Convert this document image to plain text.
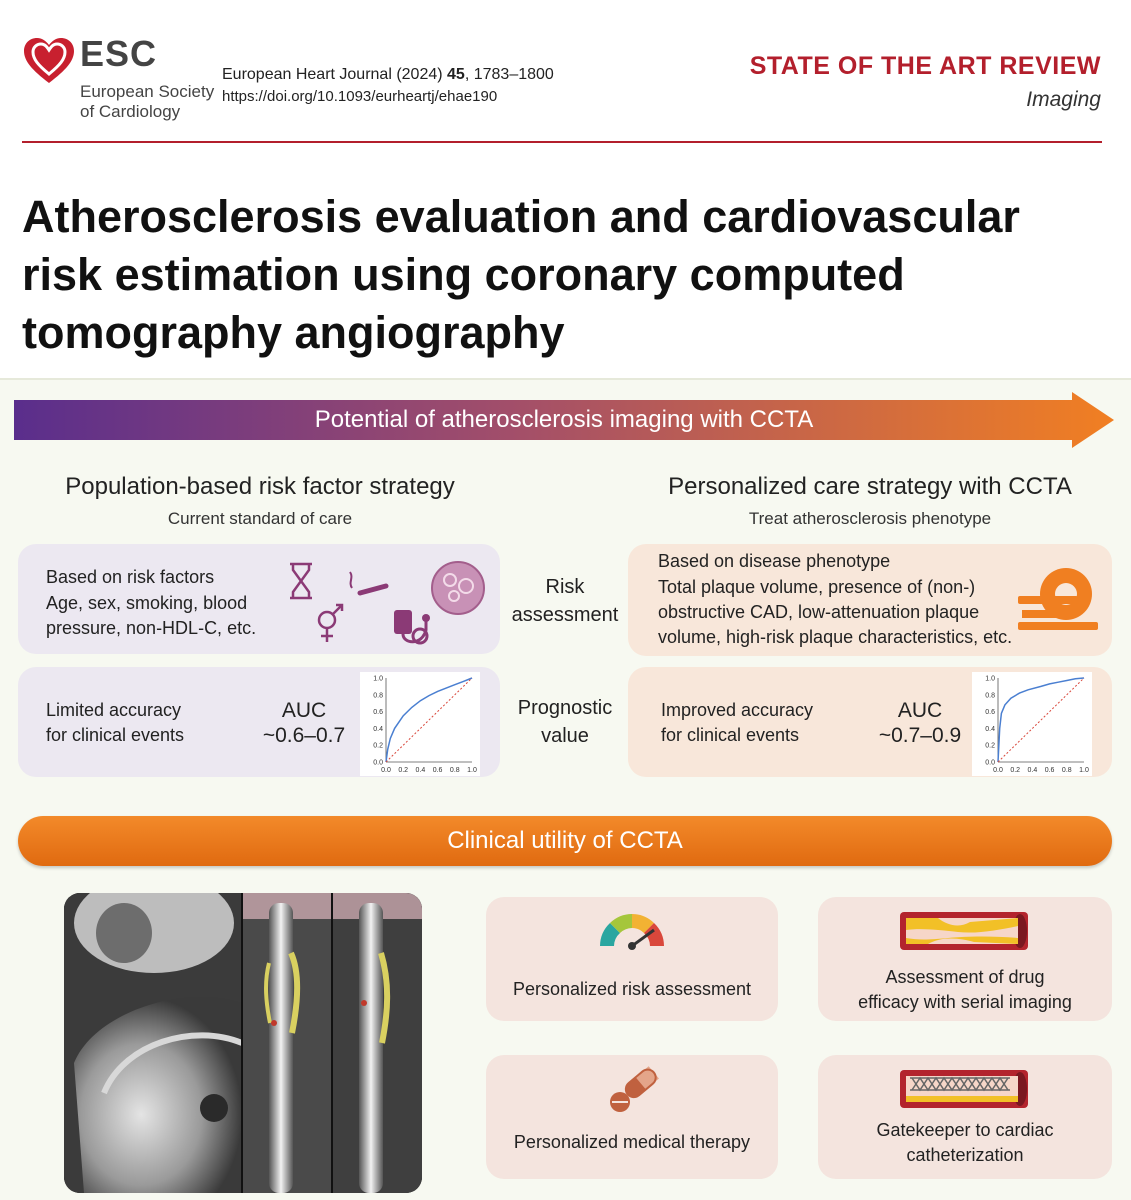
ESC
European Society
of Cardiology
European Heart Journal (2024) 45, 1783–1800
https://doi.org/10.1093/eurheartj/ehae190
STATE OF THE ART REVIEW
Imaging
Atherosclerosis evaluation and cardiovascular
risk estimation using coronary computed
tomography angiography
Potential of atherosclerosis imaging with CCTA
Population-based risk factor strategy
Current standard of care
Personalized care strategy with CCTA
Treat atherosclerosis phenotype
Based on risk factors
Age, sex, smoking, blood
pressure, non-HDL-C, etc.
Risk
assessment
Based on disease phenotype
Total plaque volume, presence of (non-)
obstructive CAD, low-attenuation plaque
volume, high-risk plaque characteristics, etc.
Limited accuracy
for clinical events
AUC
~0.6–0.7
0.0 0.2 0.4 0.6 0.8 1.0
0.0
0.2
0.4
0.6
0.8
1.0
Prognostic
value
Improved accuracy
for clinical events
AUC
~0.7–0.9
0.0 0.2 0.4 0.6 0.8 1.0
0.0
0.2
0.4
0.6
0.8
1.0
Clinical utility of CCTA
Personalized risk assessment
Assessment of drug
efficacy with serial imaging
Personalized medical therapy
Gatekeeper to cardiac
catheterization
